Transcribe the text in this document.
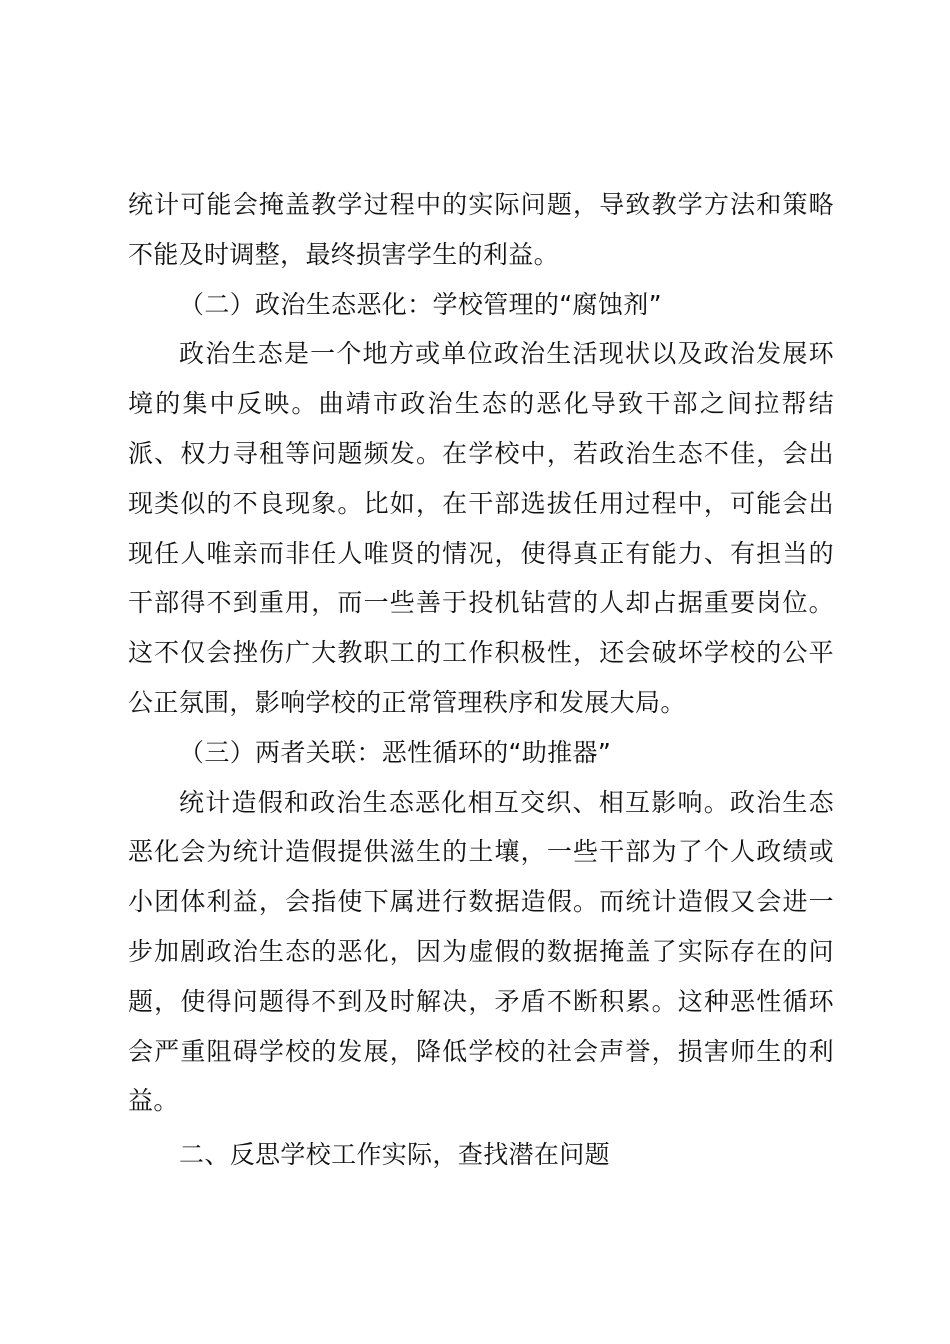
统计可能会掩盖教学过程中的实际问题，导致教学方法和策略不能及时调整，最终损害学生的利益。

（二）政治生态恶化：学校管理的“腐蚀剂”

政治生态是一个地方或单位政治生活现状以及政治发展环境的集中反映。曲靖市政治生态的恶化导致干部之间拉帮结派、权力寻租等问题频发。在学校中，若政治生态不佳，会出现类似的不良现象。比如，在干部选拔任用过程中，可能会出现任人唯亲而非任人唯贤的情况，使得真正有能力、有担当的干部得不到重用，而一些善于投机钻营的人却占据重要岗位。这不仅会挫伤广大教职工的工作积极性，还会破坏学校的公平公正氛围，影响学校的正常管理秩序和发展大局。

（三）两者关联：恶性循环的“助推器”

统计造假和政治生态恶化相互交织、相互影响。政治生态恶化会为统计造假提供滋生的土壤，一些干部为了个人政绩或小团体利益，会指使下属进行数据造假。而统计造假又会进一步加剧政治生态的恶化，因为虚假的数据掩盖了实际存在的问题，使得问题得不到及时解决，矛盾不断积累。这种恶性循环会严重阻碍学校的发展，降低学校的社会声誉，损害师生的利益。

二、反思学校工作实际，查找潜在问题
